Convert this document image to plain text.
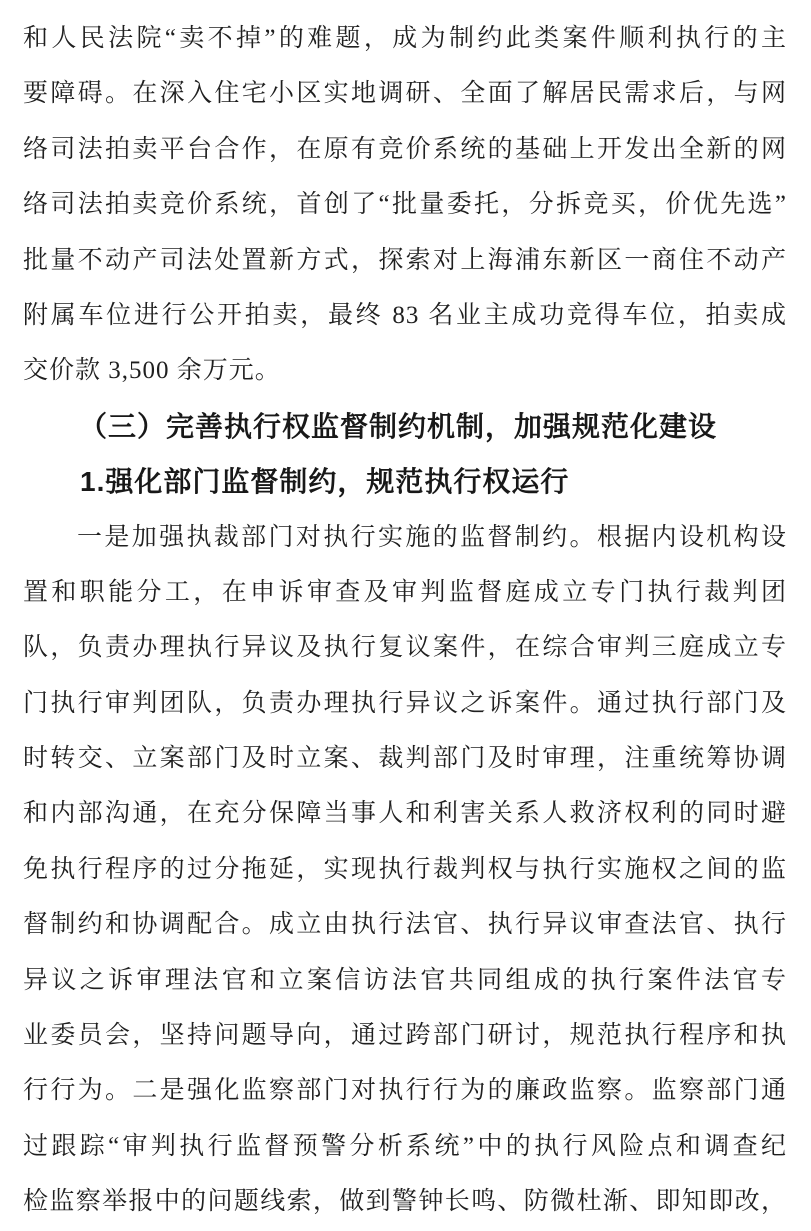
和人民法院“卖不掉”的难题，成为制约此类案件顺利执行的主
要障碍。在深入住宅小区实地调研、全面了解居民需求后，与网
络司法拍卖平台合作，在原有竞价系统的基础上开发出全新的网
络司法拍卖竞价系统，首创了“批量委托，分拆竞买，价优先选”
批量不动产司法处置新方式，探索对上海浦东新区一商住不动产
附属车位进行公开拍卖，最终 83 名业主成功竞得车位，拍卖成
交价款 3,500 余万元。
（三）完善执行权监督制约机制，加强规范化建设
1.强化部门监督制约，规范执行权运行
一是加强执裁部门对执行实施的监督制约。根据内设机构设
置和职能分工，在申诉审查及审判监督庭成立专门执行裁判团
队，负责办理执行异议及执行复议案件，在综合审判三庭成立专
门执行审判团队，负责办理执行异议之诉案件。通过执行部门及
时转交、立案部门及时立案、裁判部门及时审理，注重统筹协调
和内部沟通，在充分保障当事人和利害关系人救济权利的同时避
免执行程序的过分拖延，实现执行裁判权与执行实施权之间的监
督制约和协调配合。成立由执行法官、执行异议审查法官、执行
异议之诉审理法官和立案信访法官共同组成的执行案件法官专
业委员会，坚持问题导向，通过跨部门研讨，规范执行程序和执
行行为。二是强化监察部门对执行行为的廉政监察。监察部门通
过跟踪“审判执行监督预警分析系统”中的执行风险点和调查纪
检监察举报中的问题线索，做到警钟长鸣、防微杜渐、即知即改，
